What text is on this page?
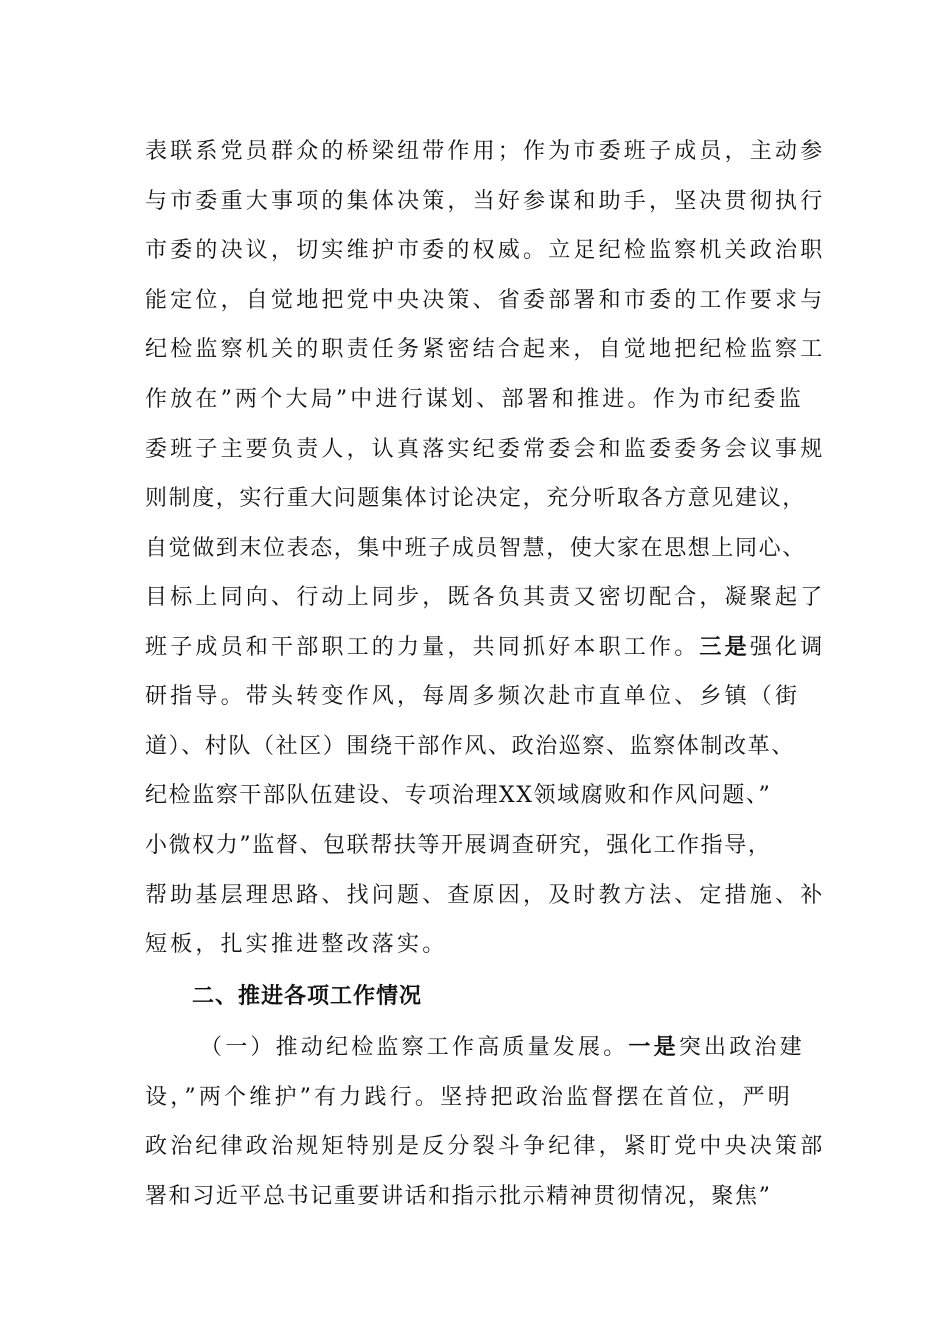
表联系党员群众的桥梁纽带作用；作为市委班子成员，主动参
与市委重大事项的集体决策，当好参谋和助手，坚决贯彻执行
市委的决议，切实维护市委的权威。立足纪检监察机关政治职
能定位，自觉地把党中央决策、省委部署和市委的工作要求与
纪检监察机关的职责任务紧密结合起来，自觉地把纪检监察工
作放在”两个大局”中进行谋划、部署和推进。作为市纪委监
委班子主要负责人，认真落实纪委常委会和监委委务会议事规
则制度，实行重大问题集体讨论决定，充分听取各方意见建议，
自觉做到末位表态，集中班子成员智慧，使大家在思想上同心、
目标上同向、行动上同步，既各负其责又密切配合，凝聚起了
班子成员和干部职工的力量，共同抓好本职工作。三是强化调
研指导。带头转变作风，每周多频次赴市直单位、乡镇（街
道）、村队（社区）围绕干部作风、政治巡察、监察体制改革、
纪检监察干部队伍建设、专项治理XX领域腐败和作风问题、”
小微权力”监督、包联帮扶等开展调查研究，强化工作指导，
帮助基层理思路、找问题、查原因，及时教方法、定措施、补
短板，扎实推进整改落实。
二、推进各项工作情况
（一）推动纪检监察工作高质量发展。一是突出政治建
设，”两个维护”有力践行。坚持把政治监督摆在首位，严明
政治纪律政治规矩特别是反分裂斗争纪律，紧盯党中央决策部
署和习近平总书记重要讲话和指示批示精神贯彻情况，聚焦”
